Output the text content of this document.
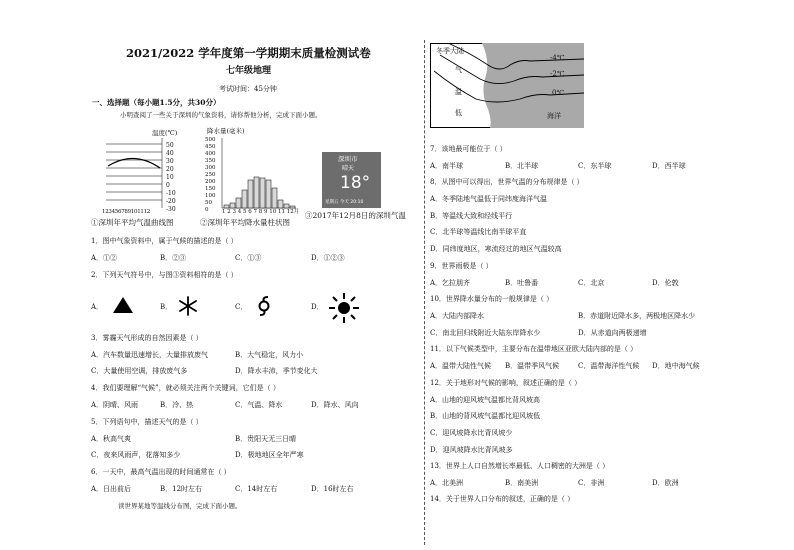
2021/2022 学年度第一学期期末质量检测试卷
七年级地理
考试时间：45分钟
一、选择题（每小题1.5分，共30分）
小明查阅了一些关于深圳的气象资料，请你帮他分析，完成下面小题。
温度(℃)
50
40
30
20
10
0
-10
-20
-30
123456789101112
①深圳年平均气温曲线图
降水量(毫米)
500
450
400
350
300
250
200
150
100
50
0 1 2 3 4 5 6 7 8 9 10 11 12月
②深圳年平均降水量柱状图
深圳市
晴天
18°
星期五 今天 20:10
③2017年12月8日的深圳气温
1．图中气象资料中，属于气候的描述的是（ ）
A．①②	B．②③	C．①③	D．①②③
2．下列天气符号中，与图③资料相符的是（ ）
A．	B．	C．	D．
3．雾霾天气形成的自然因素是（ ）
A．汽车数量迅速增长，大量排放废气	B．大气稳定，风力小
C．大量使用空调，排放废气多	D．降水丰沛，季节变化大
4．我们要理解“气候”，就必须关注两个关键词，它们是（ ）
A．阴晴、风雨	B．冷、热	C．气温、降水	D．降水、风向
5．下列语句中，描述天气的是（ ）
A．秋高气爽	B．贵阳天无三日晴
C．夜来风雨声，花落知多少	D．极地地区全年严寒
6．一天中，最高气温出现的时间通常在（ ）
A．日出前后	B．12时左右	C．14时左右	D．16时左右
读世界某地等温线分布图，完成下面小题。
冬季大陆
气
温
低
-4℃
-2℃
0℃
海洋
7．该地最可能位于（ ）
A．南半球	B．北半球	C．东半球	D．西半球
8．从图中可以得出，世界气温的分布规律是（ ）
A．冬季陆地气温低于同纬度海洋气温
B．等温线大致和经线平行
C．北半球等温线比南半球平直
D．同纬度地区，寒流经过的地区气温较高
9．世界雨极是（ ）
A．乞拉朋齐	B．吐鲁番	C．北京	D．伦敦
10．世界降水量分布的一般规律是（ ）
A．大陆内部降水	B．赤道附近降水多，两极地区降水少
C．南北回归线附近大陆东岸降水少	D．从赤道向两极递增
11．以下气候类型中，主要分布在温带地区亚欧大陆内部的是（ ）
A．温带大陆性气候 B．温带季风气候	C．温带海洋性气候 D．地中海气候
12．关于地形对气候的影响，叙述正确的是（ ）
A．山地的迎风坡气温都比背风坡高
B．山地的背风坡气温都比迎风坡低
C．迎风坡降水比背风坡少
D．迎风坡降水比背风坡多
13．世界上人口自然增长率最低、人口稠密的大洲是（ ）
A．北美洲	B．南美洲	C．非洲	D．欧洲
14．关于世界人口分布的叙述，正确的是（ ）
